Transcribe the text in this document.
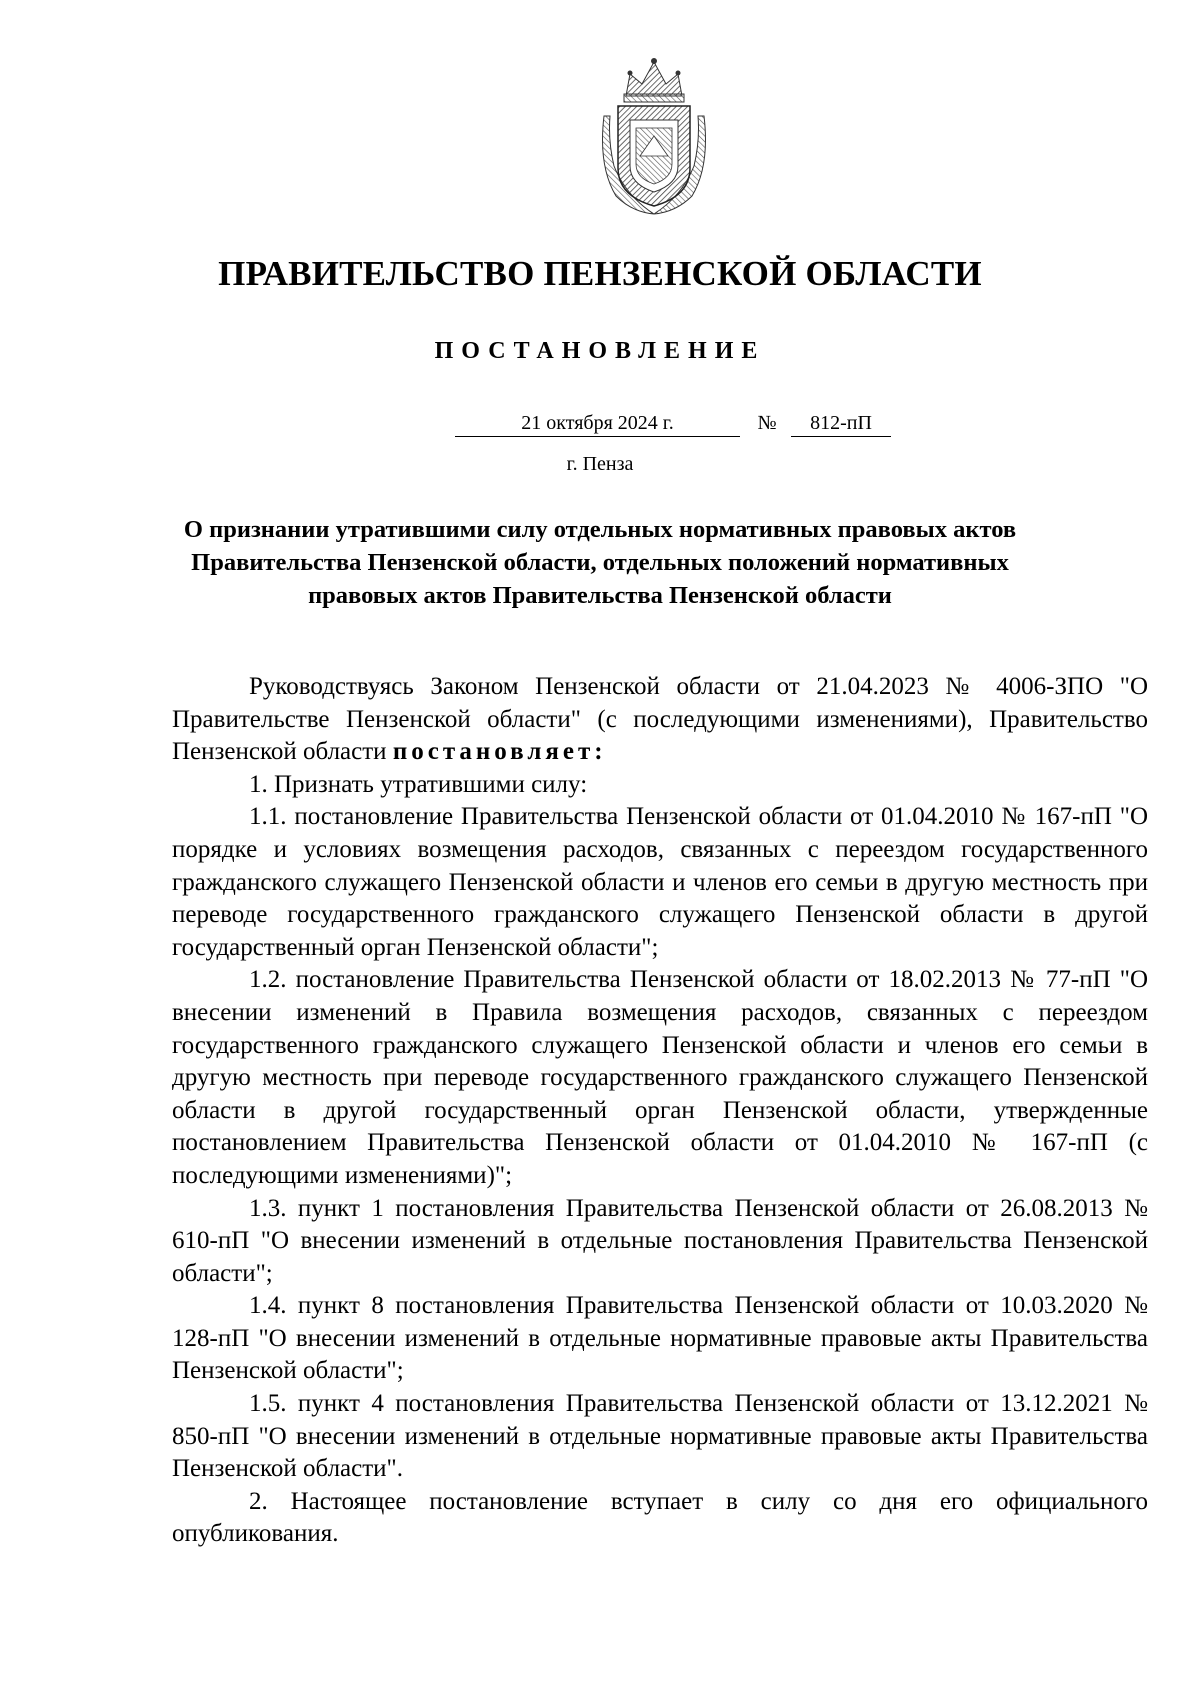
ПРАВИТЕЛЬСТВО ПЕНЗЕНСКОЙ ОБЛАСТИ
ПОСТАНОВЛЕНИЕ
21 октября 2024 г.	№	812-пП
г. Пенза
О признании утратившими силу отдельных нормативных правовых актов
Правительства Пензенской области, отдельных положений нормативных
правовых актов Правительства Пензенской области

Руководствуясь Законом Пензенской области от 21.04.2023 № 4006-ЗПО "О Правительстве Пензенской области" (с последующими изменениями), Правительство Пензенской области постановляет:

1. Признать утратившими силу:

1.1. постановление Правительства Пензенской области от 01.04.2010 № 167-пП "О порядке и условиях возмещения расходов, связанных с переездом государственного гражданского служащего Пензенской области и членов его семьи в другую местность при переводе государственного гражданского служащего Пензенской области в другой государственный орган Пензенской области";

1.2. постановление Правительства Пензенской области от 18.02.2013 № 77-пП "О внесении изменений в Правила возмещения расходов, связанных с переездом государственного гражданского служащего Пензенской области и членов его семьи в другую местность при переводе государственного гражданского служащего Пензенской области в другой государственный орган Пензенской области, утвержденные постановлением Правительства Пензенской области от 01.04.2010 № 167-пП (с последующими изменениями)";

1.3. пункт 1 постановления Правительства Пензенской области от 26.08.2013 № 610-пП "О внесении изменений в отдельные постановления Правительства Пензенской области";

1.4. пункт 8 постановления Правительства Пензенской области от 10.03.2020 № 128-пП "О внесении изменений в отдельные нормативные правовые акты Правительства Пензенской области";

1.5. пункт 4 постановления Правительства Пензенской области от 13.12.2021 № 850-пП "О внесении изменений в отдельные нормативные правовые акты Правительства Пензенской области".

2. Настоящее постановление вступает в силу со дня его официального опубликования.
